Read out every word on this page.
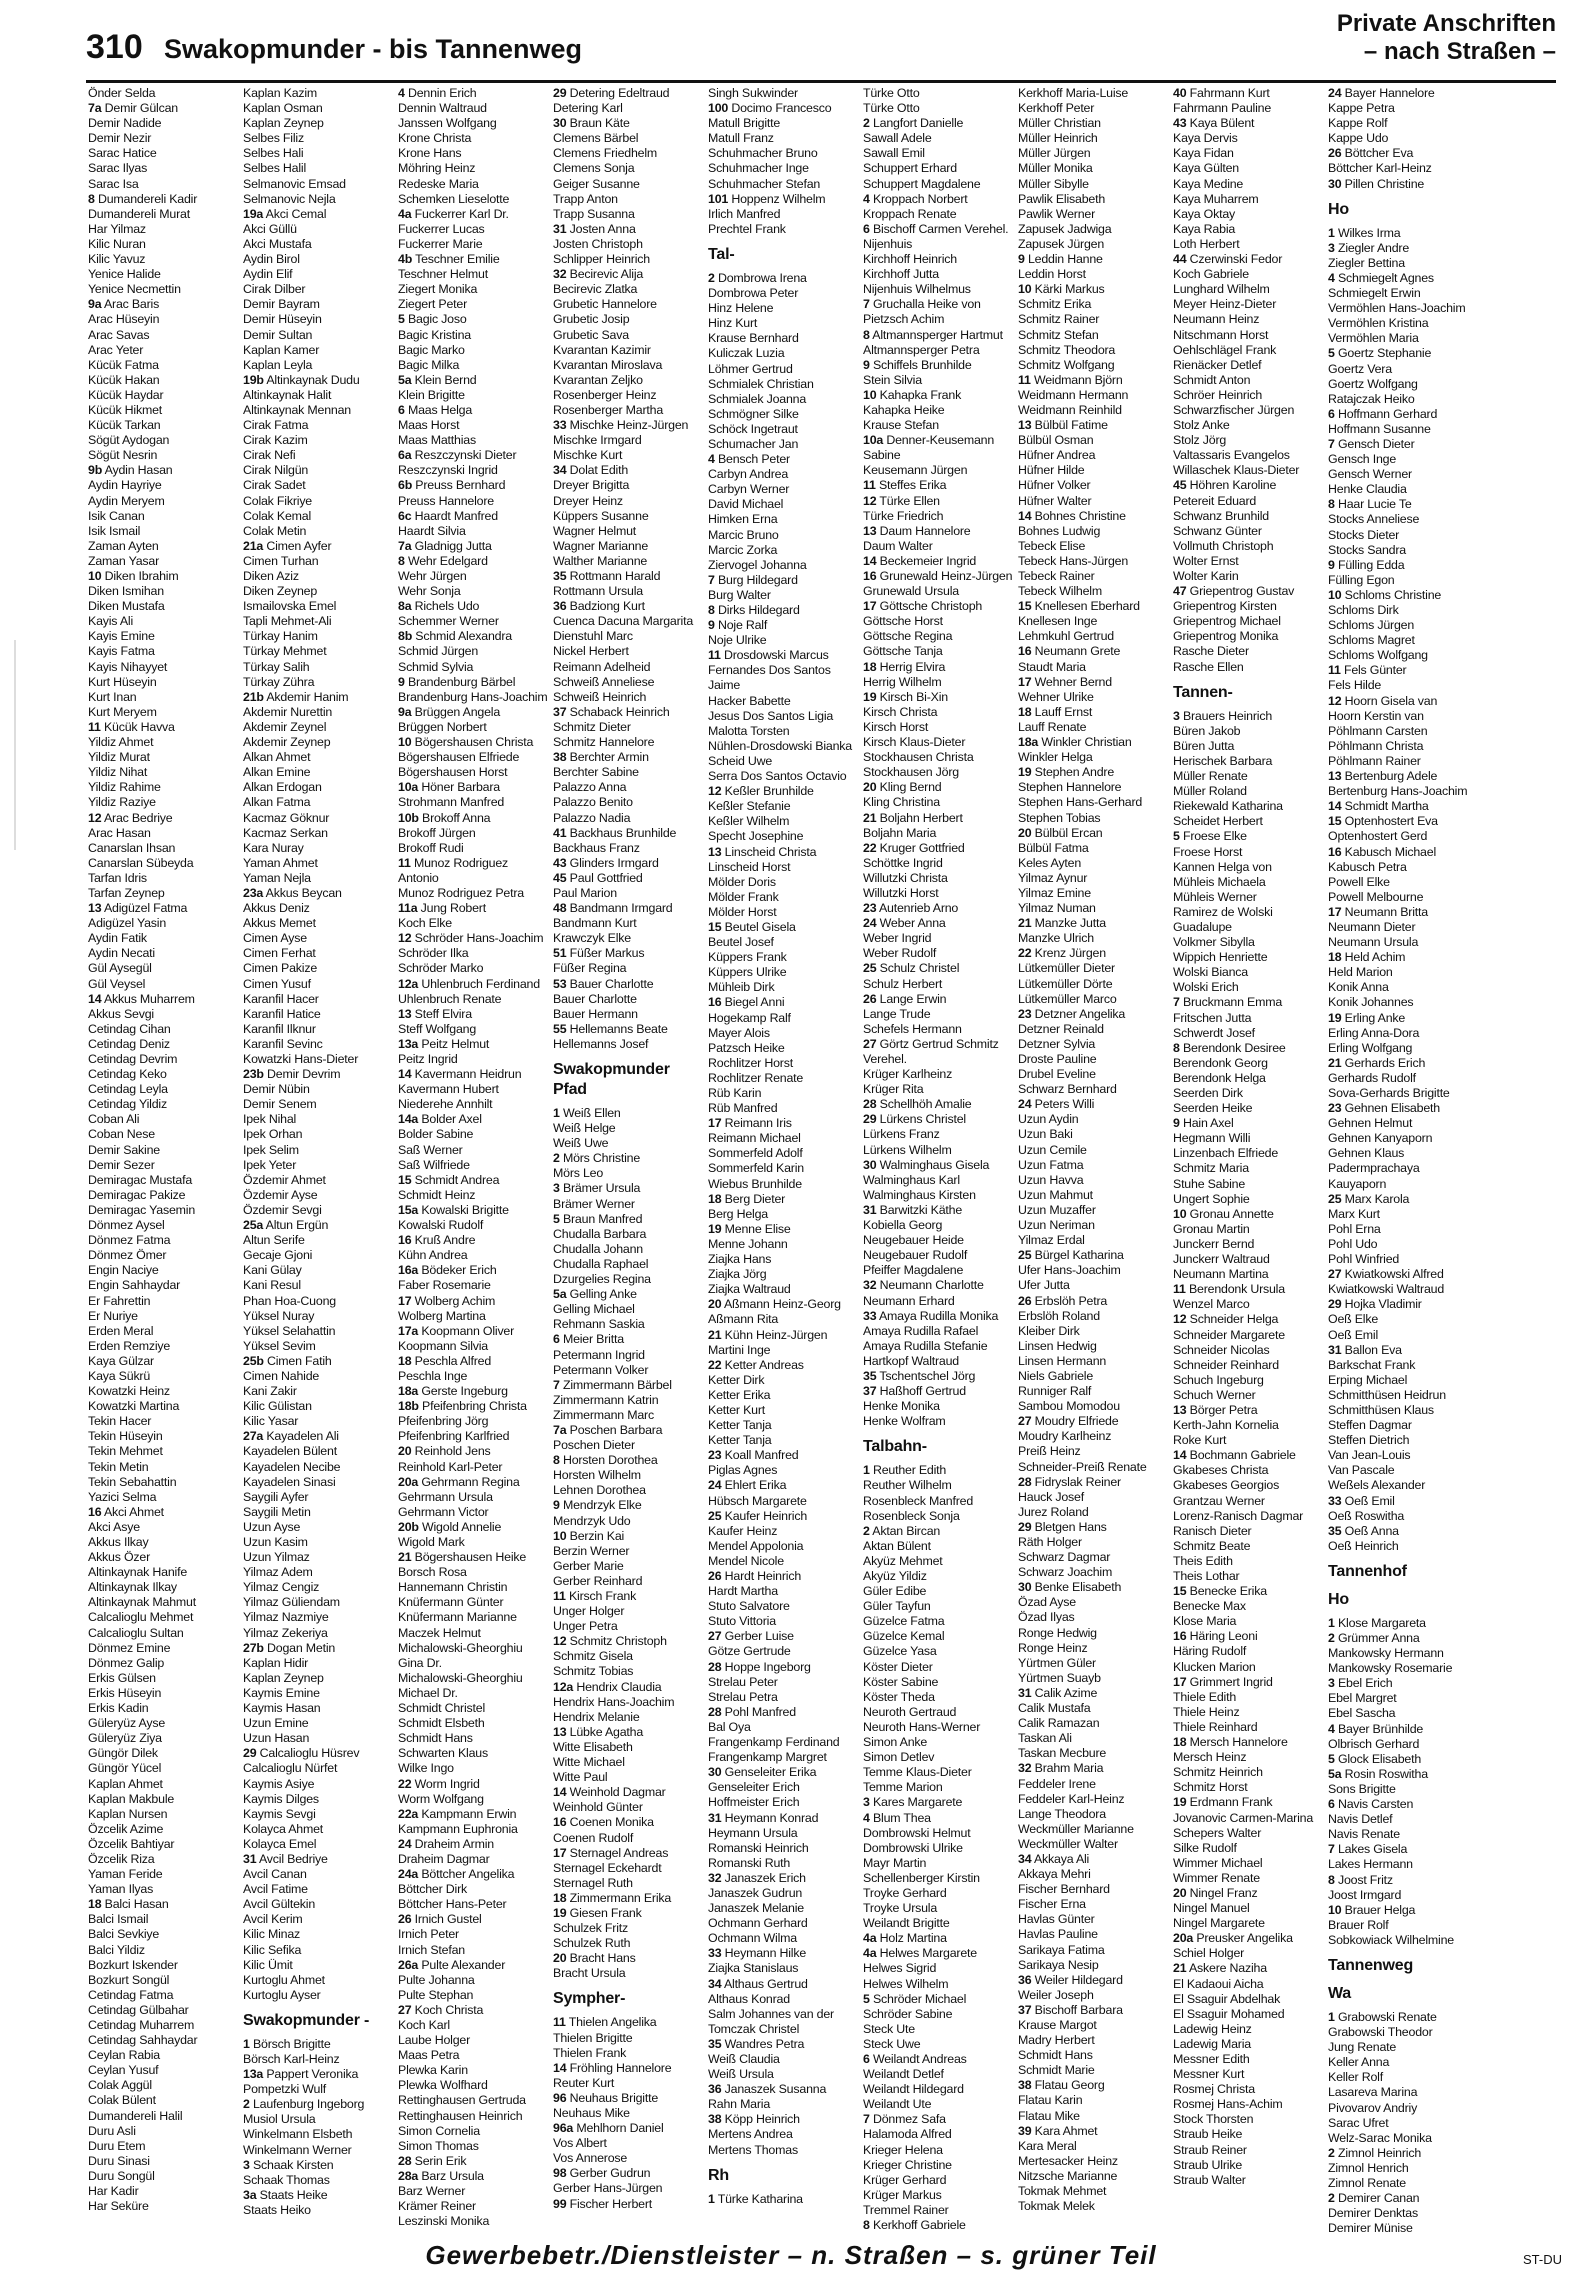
310 Swakopmunder - bis Tannenweg
Private Anschriften
– nach Straßen –
Önder Selda
7a Demir Gülcan
Demir Nadide
Demir Nezir
Sarac Hatice
Sarac Ilyas
Sarac Isa
8 Dumandereli Kadir
Dumandereli Murat
Har Yilmaz
Kilic Nuran
Kilic Yavuz
Yenice Halide
Yenice Necmettin
9a Arac Baris
Arac Hüseyin
Arac Savas
Arac Yeter
Kücük Fatma
Kücük Hakan
Kücük Haydar
Kücük Hikmet
Kücük Tarkan
Sögüt Aydogan
Sögüt Nesrin
9b Aydin Hasan
Aydin Hayriye
Aydin Meryem
Isik Canan
Isik Ismail
Zaman Ayten
Zaman Yasar
10 Diken Ibrahim
Diken Ismihan
Diken Mustafa
Kayis Ali
Kayis Emine
Kayis Fatma
Kayis Nihayyet
Kurt Hüseyin
Kurt Inan
Kurt Meryem
11 Kücük Havva
Yildiz Ahmet
Yildiz Murat
Yildiz Nihat
Yildiz Rahime
Yildiz Raziye
12 Arac Bedriye
Arac Hasan
Canarslan Ihsan
Canarslan Sübeyda
Tarfan Idris
Tarfan Zeynep
13 Adigüzel Fatma
Adigüzel Yasin
Aydin Fatik
Aydin Necati
Gül Aysegül
Gül Veysel
14 Akkus Muharrem
Akkus Sevgi
Cetindag Cihan
Cetindag Deniz
Cetindag Devrim
Cetindag Keko
Cetindag Leyla
Cetindag Yildiz
Coban Ali
Coban Nese
Demir Sakine
Demir Sezer
Demiragac Mustafa
Demiragac Pakize
Demiragac Yasemin
Dönmez Aysel
Dönmez Fatma
Dönmez Ömer
Engin Naciye
Engin Sahhaydar
Er Fahrettin
Er Nuriye
Erden Meral
Erden Remziye
Kaya Gülzar
Kaya Sükrü
Kowatzki Heinz
Kowatzki Martina
Tekin Hacer
Tekin Hüseyin
Tekin Mehmet
Tekin Metin
Tekin Sebahattin
Yazici Selma
16 Akci Ahmet
Akci Asye
Akkus Ilkay
Akkus Özer
Altinkaynak Hanife
Altinkaynak Ilkay
Altinkaynak Mahmut
Calcalioglu Mehmet
Calcalioglu Sultan
Dönmez Emine
Dönmez Galip
Erkis Gülsen
Erkis Hüseyin
Erkis Kadin
Güleryüz Ayse
Güleryüz Ziya
Güngör Dilek
Güngör Yücel
Kaplan Ahmet
Kaplan Makbule
Kaplan Nursen
Özcelik Azime
Özcelik Bahtiyar
Özcelik Riza
Yaman Feride
Yaman Ilyas
18 Balci Hasan
Balci Ismail
Balci Sevkiye
Balci Yildiz
Bozkurt Iskender
Bozkurt Songül
Cetindag Fatma
Cetindag Gülbahar
Cetindag Muharrem
Cetindag Sahhaydar
Ceylan Rabia
Ceylan Yusuf
Colak Aggül
Colak Bülent
Dumandereli Halil
Duru Asli
Duru Etem
Duru Sinasi
Duru Songül
Har Kadir
Har Seküre
Kaplan Kazim
Kaplan Osman
Kaplan Zeynep
Selbes Filiz
Selbes Hali
Selbes Halil
Selmanovic Emsad
Selmanovic Nejla
19a Akci Cemal
Akci Güllü
Akci Mustafa
Aydin Birol
Aydin Elif
Cirak Dilber
Demir Bayram
Demir Hüseyin
Demir Sultan
Kaplan Kamer
Kaplan Leyla
19b Altinkaynak Dudu
Altinkaynak Halit
Altinkaynak Mennan
Cirak Fatma
Cirak Kazim
Cirak Nefi
Cirak Nilgün
Cirak Sadet
Colak Fikriye
Colak Kemal
Colak Metin
21a Cimen Ayfer
Cimen Turhan
Diken Aziz
Diken Zeynep
Ismailovska Emel
Tapli Mehmet-Ali
Türkay Hanim
Türkay Mehmet
Türkay Salih
Türkay Zühra
21b Akdemir Hanim
Akdemir Nurettin
Akdemir Zeynel
Akdemir Zeynep
Alkan Ahmet
Alkan Emine
Alkan Erdogan
Alkan Fatma
Kacmaz Göknur
Kacmaz Serkan
Kara Nuray
Yaman Ahmet
Yaman Nejla
23a Akkus Beycan
Akkus Deniz
Akkus Memet
Cimen Ayse
Cimen Ferhat
Cimen Pakize
Cimen Yusuf
Karanfil Hacer
Karanfil Hatice
Karanfil Ilknur
Karanfil Sevinc
Kowatzki Hans-Dieter
23b Demir Devrim
Demir Nübin
Demir Senem
Ipek Nihal
Ipek Orhan
Ipek Selim
Ipek Yeter
Özdemir Ahmet
Özdemir Ayse
Özdemir Sevgi
25a Altun Ergün
Altun Serife
Gecaje Gjoni
Kani Gülay
Kani Resul
Phan Hoa-Cuong
Yüksel Nuray
Yüksel Selahattin
Yüksel Sevim
25b Cimen Fatih
Cimen Nahide
Kani Zakir
Kilic Gülistan
Kilic Yasar
27a Kayadelen Ali
Kayadelen Bülent
Kayadelen Necibe
Kayadelen Sinasi
Saygili Ayfer
Saygili Metin
Uzun Ayse
Uzun Kasim
Uzun Yilmaz
Yilmaz Adem
Yilmaz Cengiz
Yilmaz Güliendam
Yilmaz Nazmiye
Yilmaz Zekeriya
27b Dogan Metin
Kaplan Hidir
Kaplan Zeynep
Kaymis Emine
Kaymis Hasan
Uzun Emine
Uzun Hasan
29 Calcalioglu Hüsrev
Calcalioglu Nürfet
Kaymis Asiye
Kaymis Dilges
Kaymis Sevgi
Kolayca Ahmet
Kolayca Emel
31 Avcil Bedriye
Avcil Canan
Avcil Fatime
Avcil Gültekin
Avcil Kerim
Kilic Minaz
Kilic Sefika
Kilic Ümit
Kurtoglu Ahmet
Kurtoglu Ayser
Swakopmunder -
1 Börsch Brigitte
Börsch Karl-Heinz
13a Pappert Veronika
Pompetzki Wulf
2 Laufenburg Ingeborg
Musiol Ursula
Winkelmann Elsbeth
Winkelmann Werner
3 Schaak Kirsten
Schaak Thomas
3a Staats Heike
Staats Heiko
4 Dennin Erich
Dennin Waltraud
Janssen Wolfgang
Krone Christa
Krone Hans
Möhring Heinz
Redeske Maria
Schemken Lieselotte
4a Fuckerrer Karl Dr.
Fuckerrer Lucas
Fuckerrer Marie
4b Teschner Emilie
Teschner Helmut
Ziegert Monika
Ziegert Peter
5 Bagic Joso
Bagic Kristina
Bagic Marko
Bagic Milka
5a Klein Bernd
Klein Brigitte
6 Maas Helga
Maas Horst
Maas Matthias
6a Reszczynski Dieter
Reszczynski Ingrid
6b Preuss Bernhard
Preuss Hannelore
6c Haardt Manfred
Haardt Silvia
7a Gladnigg Jutta
8 Wehr Edelgard
Wehr Jürgen
Wehr Sonja
8a Richels Udo
Schemmer Werner
8b Schmid Alexandra
Schmid Jürgen
Schmid Sylvia
9 Brandenburg Bärbel
Brandenburg Hans-Joachim
9a Brüggen Angela
Brüggen Norbert
10 Bögershausen Christa
Bögershausen Elfriede
Bögershausen Horst
10a Höner Barbara
Strohmann Manfred
10b Brokoff Anna
Brokoff Jürgen
Brokoff Rudi
11 Munoz Rodriguez
Antonio
Munoz Rodriguez Petra
11a Jung Robert
Koch Elke
12 Schröder Hans-Joachim
Schröder Ilka
Schröder Marko
12a Uhlenbruch Ferdinand
Uhlenbruch Renate
13 Steff Elvira
Steff Wolfgang
13a Peitz Helmut
Peitz Ingrid
14 Kavermann Heidrun
Kavermann Hubert
Niederehe Annhilt
14a Bolder Axel
Bolder Sabine
Saß Werner
Saß Wilfriede
15 Schmidt Andrea
Schmidt Heinz
15a Kowalski Brigitte
Kowalski Rudolf
16 Kruß Andre
Kühn Andrea
16a Bödeker Erich
Faber Rosemarie
17 Wolberg Achim
Wolberg Martina
17a Koopmann Oliver
Koopmann Silvia
18 Peschla Alfred
Peschla Inge
18a Gerste Ingeburg
18b Pfeifenbring Christa
Pfeifenbring Jörg
Pfeifenbring Karlfried
20 Reinhold Jens
Reinhold Karl-Peter
20a Gehrmann Regina
Gehrmann Ursula
Gehrmann Victor
20b Wigold Annelie
Wigold Mark
21 Bögershausen Heike
Borsch Rosa
Hannemann Christin
Knüfermann Günter
Knüfermann Marianne
Maczek Helmut
Michalowski-Gheorghiu
Gina Dr.
Michalowski-Gheorghiu
Michael Dr.
Schmidt Christel
Schmidt Elsbeth
Schmidt Hans
Schwarten Klaus
Wilke Ingo
22 Worm Ingrid
Worm Wolfgang
22a Kampmann Erwin
Kampmann Euphronia
24 Draheim Armin
Draheim Dagmar
24a Böttcher Angelika
Böttcher Dirk
Böttcher Hans-Peter
26 Irnich Gustel
Irnich Peter
Irnich Stefan
26a Pulte Alexander
Pulte Johanna
Pulte Stephan
27 Koch Christa
Koch Karl
Laube Holger
Maas Petra
Plewka Karin
Plewka Wolfhard
Rettinghausen Gertruda
Rettinghausen Heinrich
Simon Cornelia
Simon Thomas
28 Serin Erik
28a Barz Ursula
Barz Werner
Krämer Reiner
Leszinski Monika
29 Detering Edeltraud
Detering Karl
30 Braun Käte
Clemens Bärbel
Clemens Friedhelm
Clemens Sonja
Geiger Susanne
Trapp Anton
Trapp Susanna
31 Josten Anna
Josten Christoph
Schlipper Heinrich
32 Becirevic Alija
Becirevic Zlatka
Grubetic Hannelore
Grubetic Josip
Grubetic Sava
Kvarantan Kazimir
Kvarantan Miroslava
Kvarantan Zeljko
Rosenberger Heinz
Rosenberger Martha
33 Mischke Heinz-Jürgen
Mischke Irmgard
Mischke Kurt
34 Dolat Edith
Dreyer Brigitta
Dreyer Heinz
Küppers Susanne
Wagner Helmut
Wagner Marianne
Walther Marianne
35 Rottmann Harald
Rottmann Ursula
36 Badziong Kurt
Cuenca Dacuna Margarita
Dienstuhl Marc
Nickel Herbert
Reimann Adelheid
Schweiß Anneliese
Schweiß Heinrich
37 Schaback Heinrich
Schmitz Dieter
Schmitz Hannelore
38 Berchter Armin
Berchter Sabine
Palazzo Anna
Palazzo Benito
Palazzo Nadia
41 Backhaus Brunhilde
Backhaus Franz
43 Glinders Irmgard
45 Paul Gottfried
Paul Marion
48 Bandmann Irmgard
Bandmann Kurt
Krawczyk Elke
51 Füßer Markus
Füßer Regina
53 Bauer Charlotte
Bauer Charlotte
Bauer Hermann
55 Hellemanns Beate
Hellemanns Josef
Swakopmunder Pfad
1 Weiß Ellen
Weiß Helge
Weiß Uwe
2 Mörs Christine
Mörs Leo
3 Brämer Ursula
Brämer Werner
5 Braun Manfred
Chudalla Barbara
Chudalla Johann
Chudalla Raphael
Dzurgelies Regina
5a Gelling Anke
Gelling Michael
Rehmann Saskia
6 Meier Britta
Petermann Ingrid
Petermann Volker
7 Zimmermann Bärbel
Zimmermann Katrin
Zimmermann Marc
7a Poschen Barbara
Poschen Dieter
8 Horsten Dorothea
Horsten Wilhelm
Lehnen Dorothea
9 Mendrzyk Elke
Mendrzyk Udo
10 Berzin Kai
Berzin Werner
Gerber Marie
Gerber Reinhard
11 Kirsch Frank
Unger Holger
Unger Petra
12 Schmitz Christoph
Schmitz Gisela
Schmitz Tobias
12a Hendrix Claudia
Hendrix Hans-Joachim
Hendrix Melanie
13 Lübke Agatha
Witte Elisabeth
Witte Michael
Witte Paul
14 Weinhold Dagmar
Weinhold Günter
16 Coenen Monika
Coenen Rudolf
17 Sternagel Andreas
Sternagel Eckehardt
Sternagel Ruth
18 Zimmermann Erika
19 Giesen Frank
Schulzek Fritz
Schulzek Ruth
20 Bracht Hans
Bracht Ursula
Sympher-
11 Thielen Angelika
Thielen Brigitte
Thielen Frank
14 Fröhling Hannelore
Reuter Kurt
96 Neuhaus Brigitte
Neuhaus Mike
96a Mehlhorn Daniel
Vos Albert
Vos Annerose
98 Gerber Gudrun
Gerber Hans-Jürgen
99 Fischer Herbert
Singh Sukwinder
100 Docimo Francesco
Matull Brigitte
Matull Franz
Schuhmacher Bruno
Schuhmacher Inge
Schuhmacher Stefan
101 Hoppenz Wilhelm
Irlich Manfred
Prechtel Frank
Tal-
2 Dombrowa Irena
Dombrowa Peter
Hinz Helene
Hinz Kurt
Krause Bernhard
Kuliczak Luzia
Löhmer Gertrud
Schmialek Christian
Schmialek Joanna
Schmögner Silke
Schöck Ingetraut
Schumacher Jan
4 Bensch Peter
Carbyn Andrea
Carbyn Werner
David Michael
Himken Erna
Marcic Bruno
Marcic Zorka
Ziervogel Johanna
7 Burg Hildegard
Burg Walter
8 Dirks Hildegard
9 Noje Ralf
Noje Ulrike
11 Drosdowski Marcus
Fernandes Dos Santos
Jaime
Hacker Babette
Jesus Dos Santos Ligia
Malotta Torsten
Nühlen-Drosdowski Bianka
Scheid Uwe
Serra Dos Santos Octavio
12 Keßler Brunhilde
Keßler Stefanie
Keßler Wilhelm
Specht Josephine
13 Linscheid Christa
Linscheid Horst
Mölder Doris
Mölder Frank
Mölder Horst
15 Beutel Gisela
Beutel Josef
Küppers Frank
Küppers Ulrike
Mühleib Dirk
16 Biegel Anni
Hogekamp Ralf
Mayer Alois
Patzsch Heike
Rochlitzer Horst
Rochlitzer Renate
Rüb Karin
Rüb Manfred
17 Reimann Iris
Reimann Michael
Sommerfeld Adolf
Sommerfeld Karin
Wiebus Brunhilde
18 Berg Dieter
Berg Helga
19 Menne Elise
Menne Johann
Ziajka Hans
Ziajka Jörg
Ziajka Waltraud
20 Aßmann Heinz-Georg
Aßmann Rita
21 Kühn Heinz-Jürgen
Martini Inge
22 Ketter Andreas
Ketter Dirk
Ketter Erika
Ketter Kurt
Ketter Tanja
Ketter Tanja
23 Koall Manfred
Piglas Agnes
24 Ehlert Erika
Hübsch Margarete
25 Kaufer Heinrich
Kaufer Heinz
Mendel Appolonia
Mendel Nicole
26 Hardt Heinrich
Hardt Martha
Stuto Salvatore
Stuto Vittoria
27 Gerber Luise
Götze Gertrude
28 Hoppe Ingeborg
Strelau Peter
Strelau Petra
28 Pohl Manfred
Bal Oya
Frangenkamp Ferdinand
Frangenkamp Margret
30 Genseleiter Erika
Genseleiter Erich
Hoffmeister Erich
31 Heymann Konrad
Heymann Ursula
Romanski Heinrich
Romanski Ruth
32 Janaszek Erich
Janaszek Gudrun
Janaszek Melanie
Ochmann Gerhard
Ochmann Wilma
33 Heymann Hilke
Ziajka Stanislaus
34 Althaus Gertrud
Althaus Konrad
Salm Johannes van der
Tomczak Christel
35 Wandres Petra
Weiß Claudia
Weiß Ursula
36 Janaszek Susanna
Rahn Maria
38 Köpp Heinrich
Mertens Andrea
Mertens Thomas
Rh
1 Türke Katharina
Türke Otto
Türke Otto
2 Langfort Danielle
Sawall Adele
Sawall Emil
Schuppert Erhard
Schuppert Magdalene
4 Kroppach Norbert
Kroppach Renate
6 Bischoff Carmen Verehel.
Nijenhuis
Kirchhoff Heinrich
Kirchhoff Jutta
Nijenhuis Wilhelmus
7 Gruchalla Heike von
Pietzsch Achim
8 Altmannsperger Hartmut
Altmannsperger Petra
9 Schiffels Brunhilde
Stein Silvia
10 Kahapka Frank
Kahapka Heike
Krause Stefan
10a Denner-Keusemann
Sabine
Keusemann Jürgen
11 Steffes Erika
12 Türke Ellen
Türke Friedrich
13 Daum Hannelore
Daum Walter
14 Beckemeier Ingrid
16 Grunewald Heinz-Jürgen
Grunewald Ursula
17 Göttsche Christoph
Göttsche Horst
Göttsche Regina
Göttsche Tanja
18 Herrig Elvira
Herrig Wilhelm
19 Kirsch Bi-Xin
Kirsch Christa
Kirsch Horst
Kirsch Klaus-Dieter
Stockhausen Christa
Stockhausen Jörg
20 Kling Bernd
Kling Christina
21 Boljahn Herbert
Boljahn Maria
22 Kruger Gottfried
Schöttke Ingrid
Willutzki Christa
Willutzki Horst
23 Autenrieb Arno
24 Weber Anna
Weber Ingrid
Weber Rudolf
25 Schulz Christel
Schulz Herbert
26 Lange Erwin
Lange Trude
Schefels Hermann
27 Görtz Gertrud Schmitz
Verehel.
Krüger Karlheinz
Krüger Rita
28 Schellhöh Amalie
29 Lürkens Christel
Lürkens Franz
Lürkens Wilhelm
30 Walminghaus Gisela
Walminghaus Karl
Walminghaus Kirsten
31 Barwitzki Käthe
Kobiella Georg
Neugebauer Heide
Neugebauer Rudolf
Pfeiffer Magdalene
32 Neumann Charlotte
Neumann Erhard
33 Amaya Rudilla Monika
Amaya Rudilla Rafael
Amaya Rudilla Stefanie
Hartkopf Waltraud
35 Tschentschel Jörg
37 Haßhoff Gertrud
Henke Monika
Henke Wolfram
Talbahn-
1 Reuther Edith
Reuther Wilhelm
Rosenbleck Manfred
Rosenbleck Sonja
2 Aktan Bircan
Aktan Bülent
Akyüz Mehmet
Akyüz Yildiz
Güler Edibe
Güler Tayfun
Güzelce Fatma
Güzelce Kemal
Güzelce Yasa
Köster Dieter
Köster Sabine
Köster Theda
Neuroth Gertraud
Neuroth Hans-Werner
Simon Anke
Simon Detlev
Temme Klaus-Dieter
Temme Marion
3 Kares Margarete
4 Blum Thea
Dombrowski Helmut
Dombrowski Ulrike
Mayr Martin
Schellenberger Kirstin
Troyke Gerhard
Troyke Ursula
Weilandt Brigitte
4a Holz Martina
4a Helwes Margarete
Helwes Sigrid
Helwes Wilhelm
5 Schröder Michael
Schröder Sabine
Steck Ute
Steck Uwe
6 Weilandt Andreas
Weilandt Detlef
Weilandt Hildegard
Weilandt Ute
7 Dönmez Safa
Halamoda Alfred
Krieger Helena
Krieger Christine
Krüger Gerhard
Krüger Markus
Tremmel Rainer
8 Kerkhoff Gabriele
Kerkhoff Maria-Luise
Kerkhoff Peter
Müller Christian
Müller Heinrich
Müller Jürgen
Müller Monika
Müller Sibylle
Pawlik Elisabeth
Pawlik Werner
Zapusek Jadwiga
Zapusek Jürgen
9 Leddin Hanne
Leddin Horst
10 Kärki Markus
Schmitz Erika
Schmitz Rainer
Schmitz Stefan
Schmitz Theodora
Schmitz Wolfgang
11 Weidmann Björn
Weidmann Hermann
Weidmann Reinhild
13 Bülbül Fatime
Bülbül Osman
Hüfner Andrea
Hüfner Hilde
Hüfner Volker
Hüfner Walter
14 Bohnes Christine
Bohnes Ludwig
Tebeck Elise
Tebeck Hans-Jürgen
Tebeck Rainer
Tebeck Wilhelm
15 Knellesen Eberhard
Knellesen Inge
Lehmkuhl Gertrud
16 Neumann Grete
Staudt Maria
17 Wehner Bernd
Wehner Ulrike
18 Lauff Ernst
Lauff Renate
18a Winkler Christian
Winkler Helga
19 Stephen Andre
Stephen Hannelore
Stephen Hans-Gerhard
Stephen Tobias
20 Bülbül Ercan
Bülbül Fatma
Keles Ayten
Yilmaz Aynur
Yilmaz Emine
Yilmaz Numan
21 Manzke Jutta
Manzke Ulrich
22 Krenz Jürgen
Lütkemüller Dieter
Lütkemüller Dörte
Lütkemüller Marco
23 Detzner Angelika
Detzner Reinald
Detzner Sylvia
Droste Pauline
Drubel Eveline
Schwarz Bernhard
24 Peters Willi
Uzun Aydin
Uzun Baki
Uzun Cemile
Uzun Fatma
Uzun Havva
Uzun Mahmut
Uzun Muzaffer
Uzun Neriman
Yilmaz Erdal
25 Bürgel Katharina
Ufer Hans-Joachim
Ufer Jutta
26 Erbslöh Petra
Erbslöh Roland
Kleiber Dirk
Linsen Hedwig
Linsen Hermann
Niels Gabriele
Runniger Ralf
Sambou Momodou
27 Moudry Elfriede
Moudry Karlheinz
Preiß Heinz
Schneider-Preiß Renate
28 Fidryslak Reiner
Hauck Josef
Jurez Roland
29 Bletgen Hans
Räth Holger
Schwarz Dagmar
Schwarz Joachim
30 Benke Elisabeth
Özad Ayse
Özad Ilyas
Ronge Hedwig
Ronge Heinz
Yürtmen Güler
Yürtmen Suayb
31 Calik Azime
Calik Mustafa
Calik Ramazan
Taskan Ali
Taskan Mecbure
32 Brahm Maria
Feddeler Irene
Feddeler Karl-Heinz
Lange Theodora
Weckmüller Marianne
Weckmüller Walter
34 Akkaya Ali
Akkaya Mehri
Fischer Bernhard
Fischer Erna
Havlas Günter
Havlas Pauline
Sarikaya Fatima
Sarikaya Nesip
36 Weiler Hildegard
Weiler Joseph
37 Bischoff Barbara
Krause Margot
Madry Herbert
Schmidt Hans
Schmidt Marie
38 Flatau Georg
Flatau Karin
Flatau Mike
39 Kara Ahmet
Kara Meral
Mertesacker Heinz
Nitzsche Marianne
Tokmak Mehmet
Tokmak Melek
40 Fahrmann Kurt
Fahrmann Pauline
43 Kaya Bülent
Kaya Dervis
Kaya Fidan
Kaya Gülten
Kaya Medine
Kaya Muharrem
Kaya Oktay
Kaya Rabia
Loth Herbert
44 Czerwinski Fedor
Koch Gabriele
Lunghard Wilhelm
Meyer Heinz-Dieter
Neumann Heinz
Nitschmann Horst
Oehlschlägel Frank
Rienäcker Detlef
Schmidt Anton
Schröer Heinrich
Schwarzfischer Jürgen
Stolz Anke
Stolz Jörg
Valtassaris Evangelos
Willaschek Klaus-Dieter
45 Höhren Karoline
Petereit Eduard
Schwanz Brunhild
Schwanz Günter
Vollmuth Christoph
Wolter Ernst
Wolter Karin
47 Griepentrog Gustav
Griepentrog Kirsten
Griepentrog Michael
Griepentrog Monika
Rasche Dieter
Rasche Ellen
Tannen-
3 Brauers Heinrich
Büren Jakob
Büren Jutta
Herischek Barbara
Müller Renate
Müller Roland
Riekewald Katharina
Scheidet Herbert
5 Froese Elke
Froese Horst
Kannen Helga von
Mühleis Michaela
Mühleis Werner
Ramirez de Wolski
Guadalupe
Volkmer Sibylla
Wippich Henriette
Wolski Bianca
Wolski Erich
7 Bruckmann Emma
Fritschen Jutta
Schwerdt Josef
8 Berendonk Desiree
Berendonk Georg
Berendonk Helga
Seerden Dirk
Seerden Heike
9 Hain Axel
Hegmann Willi
Linzenbach Elfriede
Schmitz Maria
Stuhe Sabine
Ungert Sophie
10 Gronau Annette
Gronau Martin
Junckerr Bernd
Junckerr Waltraud
Neumann Martina
11 Berendonk Ursula
Wenzel Marco
12 Schneider Helga
Schneider Margarete
Schneider Nicolas
Schneider Reinhard
Schuch Ingeburg
Schuch Werner
13 Börger Petra
Kerth-Jahn Kornelia
Roke Kurt
14 Bochmann Gabriele
Gkabeses Christa
Gkabeses Georgios
Grantzau Werner
Lorenz-Ranisch Dagmar
Ranisch Dieter
Schmitz Beate
Theis Edith
Theis Lothar
15 Benecke Erika
Benecke Max
Klose Maria
16 Häring Leoni
Häring Rudolf
Klucken Marion
17 Grimmert Ingrid
Thiele Edith
Thiele Heinz
Thiele Reinhard
18 Mersch Hannelore
Mersch Heinz
Schmitz Heinrich
Schmitz Horst
19 Erdmann Frank
Jovanovic Carmen-Marina
Schepers Walter
Silke Rudolf
Wimmer Michael
Wimmer Renate
20 Ningel Franz
Ningel Manuel
Ningel Margarete
20a Preusker Angelika
Schiel Holger
21 Askere Naziha
El Kadaoui Aicha
El Ssaguir Abdelhak
El Ssaguir Mohamed
Ladewig Heinz
Ladewig Maria
Messner Edith
Messner Kurt
Rosmej Christa
Rosmej Hans-Achim
Stock Thorsten
Straub Heike
Straub Reiner
Straub Ulrike
Straub Walter
24 Bayer Hannelore
Kappe Petra
Kappe Rolf
Kappe Udo
26 Böttcher Eva
Böttcher Karl-Heinz
30 Pillen Christine
Ho
1 Wilkes Irma
3 Ziegler Andre
Ziegler Bettina
4 Schmiegelt Agnes
Schmiegelt Erwin
Vermöhlen Hans-Joachim
Vermöhlen Kristina
Vermöhlen Maria
5 Goertz Stephanie
Goertz Vera
Goertz Wolfgang
Ratajczak Heiko
6 Hoffmann Gerhard
Hoffmann Susanne
7 Gensch Dieter
Gensch Inge
Gensch Werner
Henke Claudia
8 Haar Lucie Te
Stocks Anneliese
Stocks Dieter
Stocks Sandra
9 Fülling Edda
Fülling Egon
10 Schloms Christine
Schloms Dirk
Schloms Jürgen
Schloms Magret
Schloms Wolfgang
11 Fels Günter
Fels Hilde
12 Hoorn Gisela van
Hoorn Kerstin van
Pöhlmann Carsten
Pöhlmann Christa
Pöhlmann Rainer
13 Bertenburg Adele
Bertenburg Hans-Joachim
14 Schmidt Martha
15 Optenhostert Eva
Optenhostert Gerd
16 Kabusch Michael
Kabusch Petra
Powell Elke
Powell Melbourne
17 Neumann Britta
Neumann Dieter
Neumann Ursula
18 Held Achim
Held Marion
Konik Anna
Konik Johannes
19 Erling Anke
Erling Anna-Dora
Erling Wolfgang
21 Gerhards Erich
Gerhards Rudolf
Sova-Gerhards Brigitte
23 Gehnen Elisabeth
Gehnen Helmut
Gehnen Kanyaporn
Gehnen Klaus
Padermprachaya
Kauyaporn
25 Marx Karola
Marx Kurt
Pohl Erna
Pohl Udo
Pohl Winfried
27 Kwiatkowski Alfred
Kwiatkowski Waltraud
29 Hojka Vladimir
Oeß Elke
Oeß Emil
31 Ballon Eva
Barkschat Frank
Erping Michael
Schmitthüsen Heidrun
Schmitthüsen Klaus
Steffen Dagmar
Steffen Dietrich
Van Jean-Louis
Van Pascale
Weßels Alexander
33 Oeß Emil
Oeß Roswitha
35 Oeß Anna
Oeß Heinrich
Tannenhof
Ho
1 Klose Margareta
2 Grümmer Anna
Mankowsky Hermann
Mankowsky Rosemarie
3 Ebel Erich
Ebel Margret
Ebel Sascha
4 Bayer Brünhilde
Olbrisch Gerhard
5 Glock Elisabeth
5a Rosin Roswitha
Sons Brigitte
6 Navis Carsten
Navis Detlef
Navis Renate
7 Lakes Gisela
Lakes Hermann
8 Joost Fritz
Joost Irmgard
10 Brauer Helga
Brauer Rolf
Sobkowiack Wilhelmine
Tannenweg
Wa
1 Grabowski Renate
Grabowski Theodor
Jung Renate
Keller Anna
Keller Rolf
Lasareva Marina
Pivovarov Andriy
Sarac Ufret
Welz-Sarac Monika
2 Zimnol Heinrich
Zimnol Henrich
Zimnol Renate
2 Demirer Canan
Demirer Denktas
Demirer Münise
Gewerbebetr./Dienstleister – n. Straßen – s. grüner Teil	ST-DU
